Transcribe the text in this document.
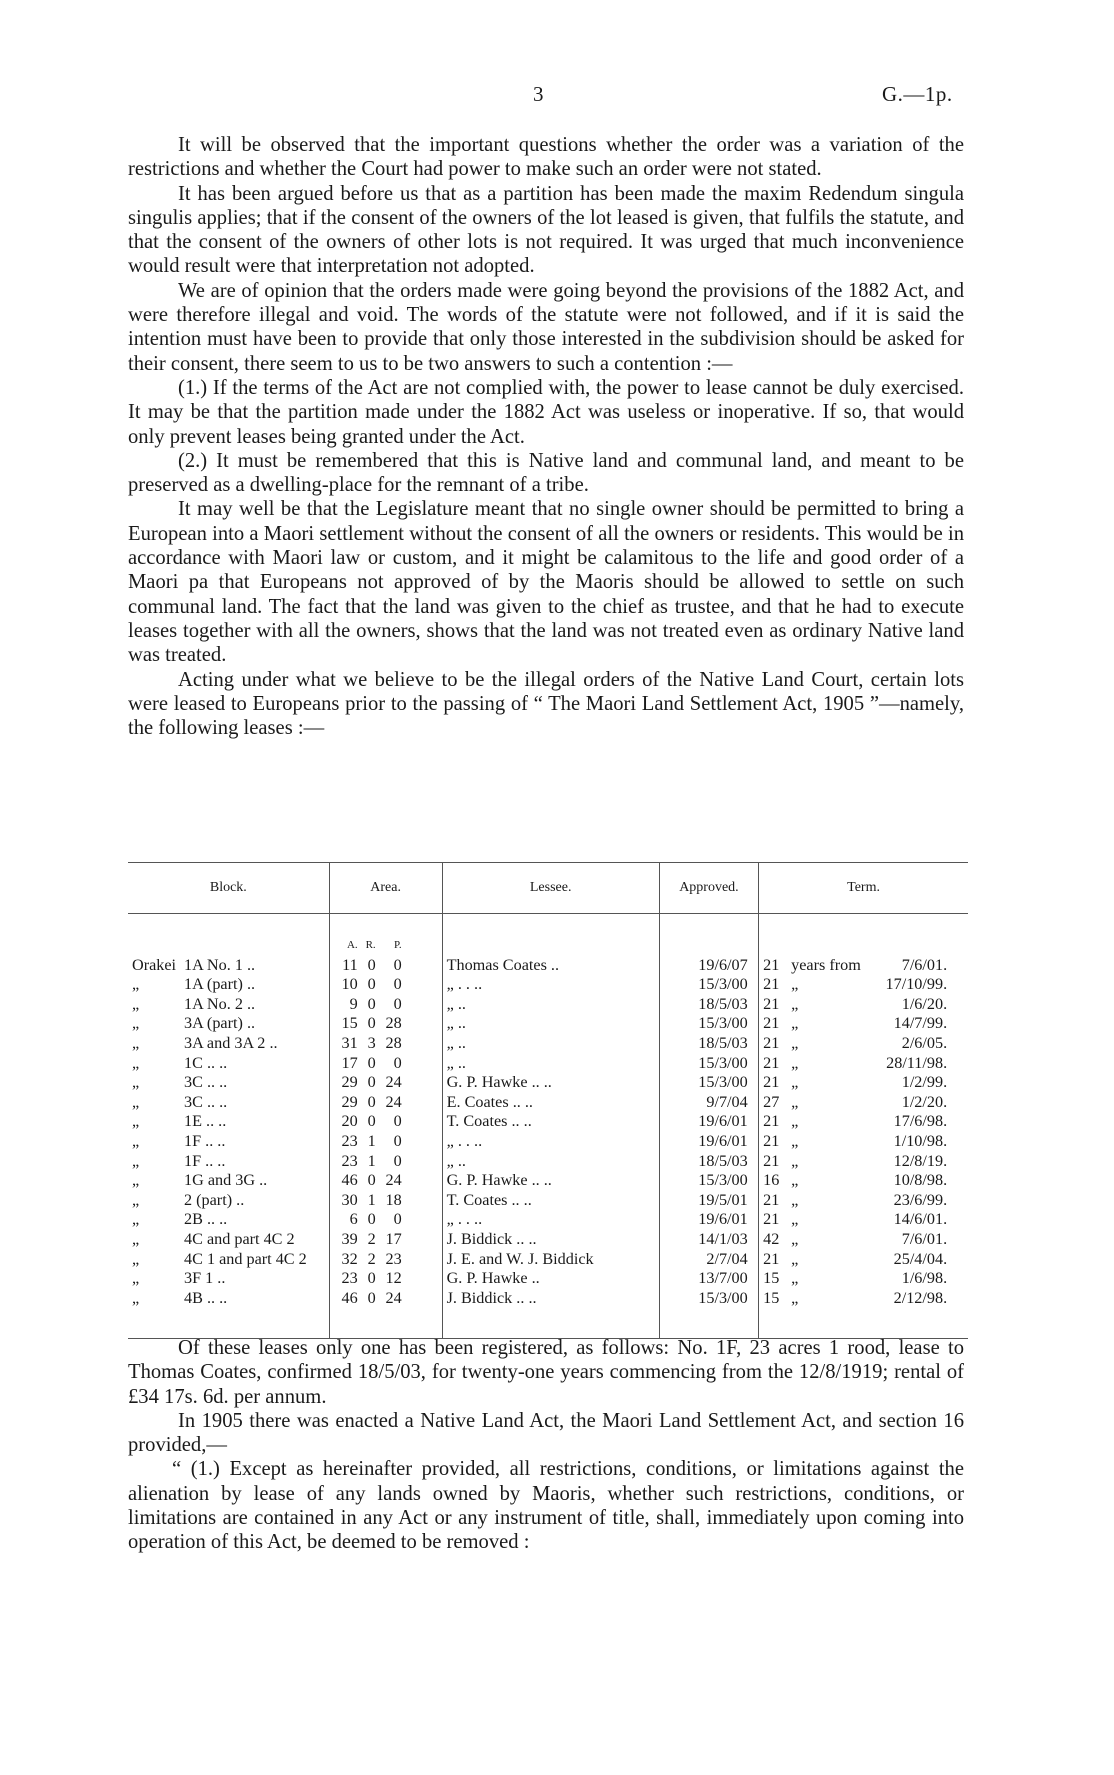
3	G.—1p.

It will be observed that the important questions whether the order was a variation of the restrictions and whether the Court had power to make such an order were not stated.

It has been argued before us that as a partition has been made the maxim Redendum singula singulis applies; that if the consent of the owners of the lot leased is given, that fulfils the statute, and that the consent of the owners of other lots is not required. It was urged that much inconvenience would result were that interpretation not adopted.

We are of opinion that the orders made were going beyond the provisions of the 1882 Act, and were therefore illegal and void. The words of the statute were not followed, and if it is said the intention must have been to provide that only those interested in the subdivision should be asked for their consent, there seem to us to be two answers to such a contention :—

(1.) If the terms of the Act are not complied with, the power to lease cannot be duly exercised. It may be that the partition made under the 1882 Act was useless or inoperative. If so, that would only prevent leases being granted under the Act.

(2.) It must be remembered that this is Native land and communal land, and meant to be preserved as a dwelling-place for the remnant of a tribe.

It may well be that the Legislature meant that no single owner should be permitted to bring a European into a Maori settlement without the consent of all the owners or residents. This would be in accordance with Maori law or custom, and it might be calamitous to the life and good order of a Maori pa that Europeans not approved of by the Maoris should be allowed to settle on such communal land. The fact that the land was given to the chief as trustee, and that he had to execute leases together with all the owners, shows that the land was not treated even as ordinary Native land was treated.

Acting under what we believe to be the illegal orders of the Native Land Court, certain lots were leased to Europeans prior to the passing of “ The Maori Land Settlement Act, 1905 ”—namely, the following leases :—

Block.	Area.	Lessee.	Approved.	Term.
	A. R. P.			
Orakei 1A No. 1 ..	11 0 0	Thomas Coates ..	19/6/07	21 years from 7/6/01.
„ 1A (part) ..	10 0 0	„ . . ..	15/3/00	21 „ 17/10/99.
„ 1A No. 2 ..	9 0 0	„ ..	18/5/03	21 „ 1/6/20.
„ 3A (part) ..	15 0 28	„ ..	15/3/00	21 „ 14/7/99.
„ 3A and 3A 2 ..	31 3 28	„ ..	18/5/03	21 „ 2/6/05.
„ 1C .. ..	17 0 0	„ ..	15/3/00	21 „ 28/11/98.
„ 3C .. ..	29 0 24	G. P. Hawke .. ..	15/3/00	21 „ 1/2/99.
„ 3C .. ..	29 0 24	E. Coates .. ..	9/7/04	27 „ 1/2/20.
„ 1E .. ..	20 0 0	T. Coates .. ..	19/6/01	21 „ 17/6/98.
„ 1F .. ..	23 1 0	„ . . ..	19/6/01	21 „ 1/10/98.
„ 1F .. ..	23 1 0	„ ..	18/5/03	21 „ 12/8/19.
„ 1G and 3G ..	46 0 24	G. P. Hawke .. ..	15/3/00	16 „ 10/8/98.
„ 2 (part) ..	30 1 18	T. Coates .. ..	19/5/01	21 „ 23/6/99.
„ 2B .. ..	6 0 0	„ . . ..	19/6/01	21 „ 14/6/01.
„ 4C and part 4C 2	39 2 17	J. Biddick .. ..	14/1/03	42 „ 7/6/01.
„ 4C 1 and part 4C 2	32 2 23	J. E. and W. J. Biddick	2/7/04	21 „ 25/4/04.
„ 3F 1 ..	23 0 12	G. P. Hawke ..	13/7/00	15 „ 1/6/98.
„ 4B .. ..	46 0 24	J. Biddick .. ..	15/3/00	15 „ 2/12/98.

Of these leases only one has been registered, as follows: No. 1F, 23 acres 1 rood, lease to Thomas Coates, confirmed 18/5/03, for twenty-one years commencing from the 12/8/1919; rental of £34 17s. 6d. per annum.

In 1905 there was enacted a Native Land Act, the Maori Land Settlement Act, and section 16 provided,—

“ (1.) Except as hereinafter provided, all restrictions, conditions, or limitations against the alienation by lease of any lands owned by Maoris, whether such restrictions, conditions, or limitations are contained in any Act or any instrument of title, shall, immediately upon coming into operation of this Act, be deemed to be removed :
